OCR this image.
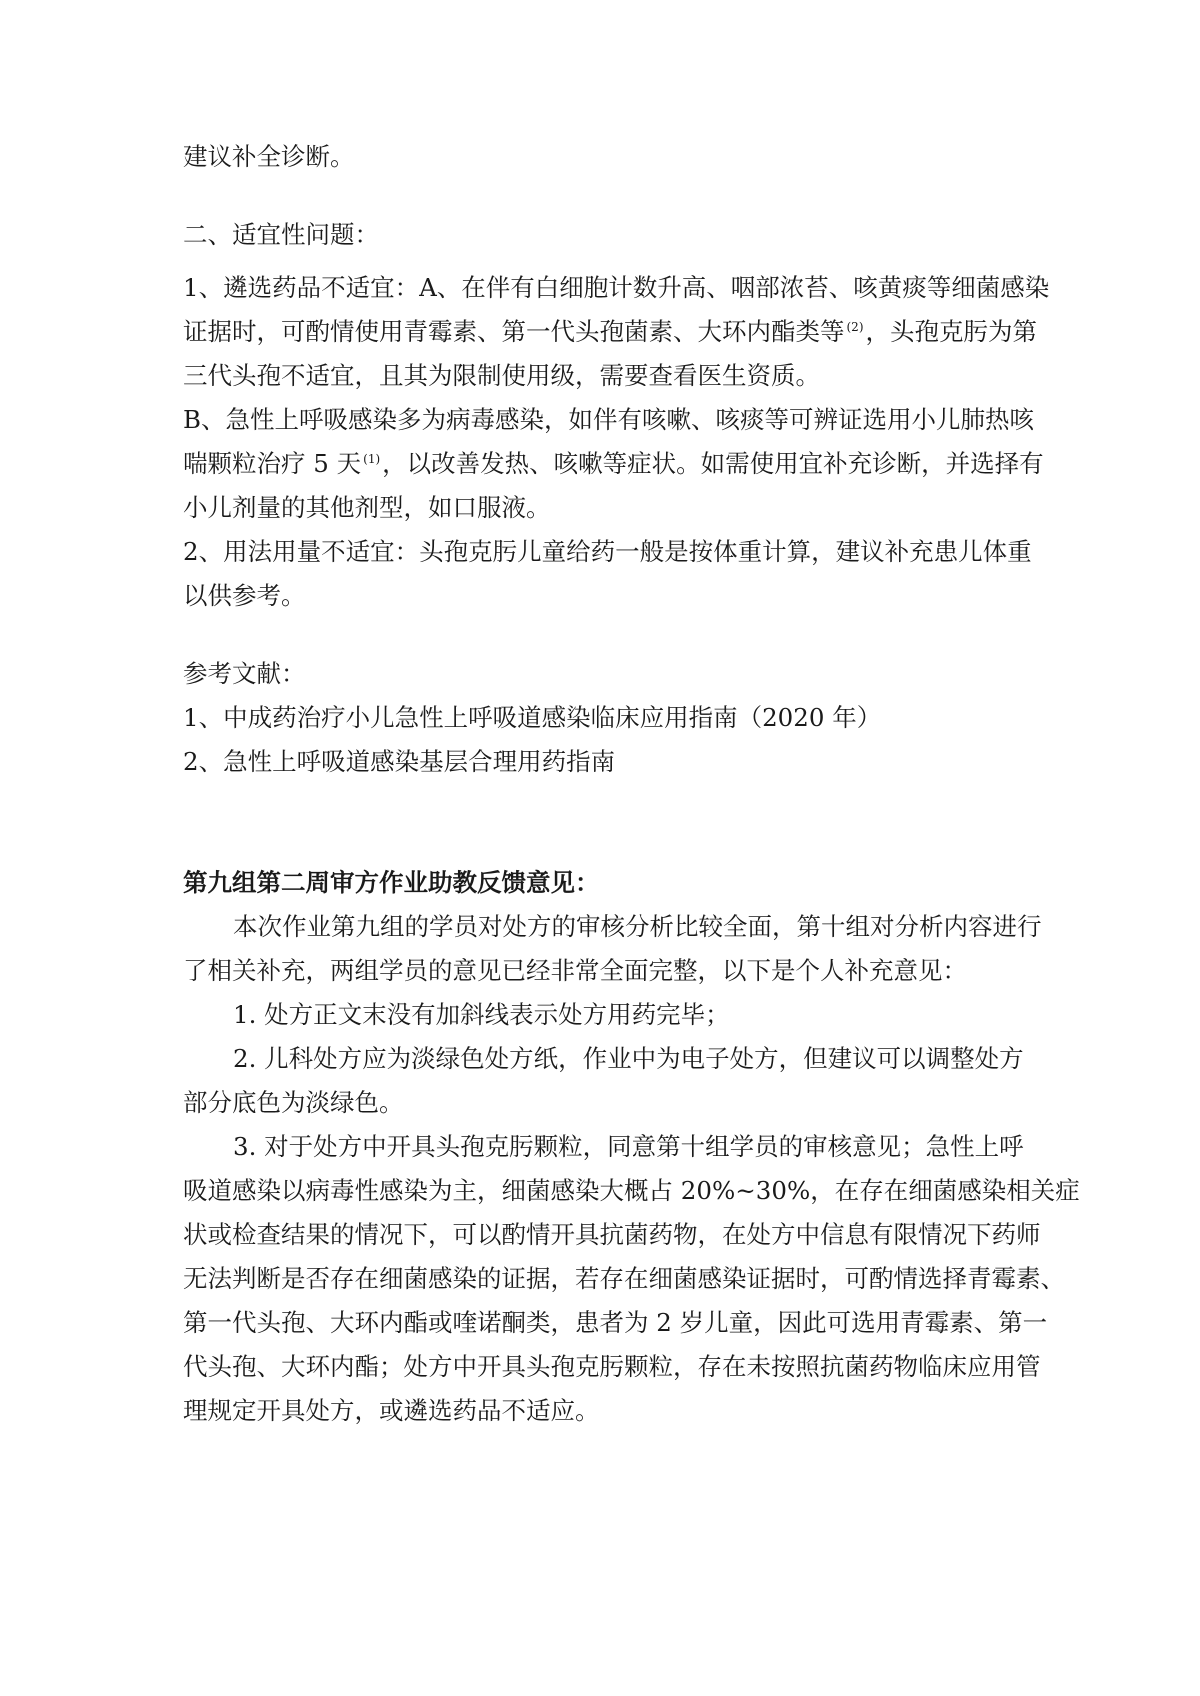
建议补全诊断。

二、适宜性问题：

1、遴选药品不适宜：A、在伴有白细胞计数升高、咽部浓苔、咳黄痰等细菌感染

证据时，可酌情使用青霉素、第一代头孢菌素、大环内酯类等 $^{(2)}$，头孢克肟为第

三代头孢不适宜，且其为限制使用级，需要查看医生资质。

B、急性上呼吸感染多为病毒感染，如伴有咳嗽、咳痰等可辨证选用小儿肺热咳

喘颗粒治疗 5 天 $^{(1)}$，以改善发热、咳嗽等症状。如需使用宜补充诊断，并选择有

小儿剂量的其他剂型，如口服液。

2、用法用量不适宜：头孢克肟儿童给药一般是按体重计算，建议补充患儿体重

以供参考。

参考文献：

1、中成药治疗小儿急性上呼吸道感染临床应用指南（2020 年）

2、急性上呼吸道感染基层合理用药指南

第九组第二周审方作业助教反馈意见：

本次作业第九组的学员对处方的审核分析比较全面，第十组对分析内容进行

了相关补充，两组学员的意见已经非常全面完整，以下是个人补充意见：

1. 处方正文末没有加斜线表示处方用药完毕；

2. 儿科处方应为淡绿色处方纸，作业中为电子处方，但建议可以调整处方

部分底色为淡绿色。

3. 对于处方中开具头孢克肟颗粒，同意第十组学员的审核意见；急性上呼

吸道感染以病毒性感染为主，细菌感染大概占 20%~30%，在存在细菌感染相关症

状或检查结果的情况下，可以酌情开具抗菌药物，在处方中信息有限情况下药师

无法判断是否存在细菌感染的证据，若存在细菌感染证据时，可酌情选择青霉素、

第一代头孢、大环内酯或喹诺酮类，患者为 2 岁儿童，因此可选用青霉素、第一

代头孢、大环内酯；处方中开具头孢克肟颗粒，存在未按照抗菌药物临床应用管

理规定开具处方，或遴选药品不适应。
